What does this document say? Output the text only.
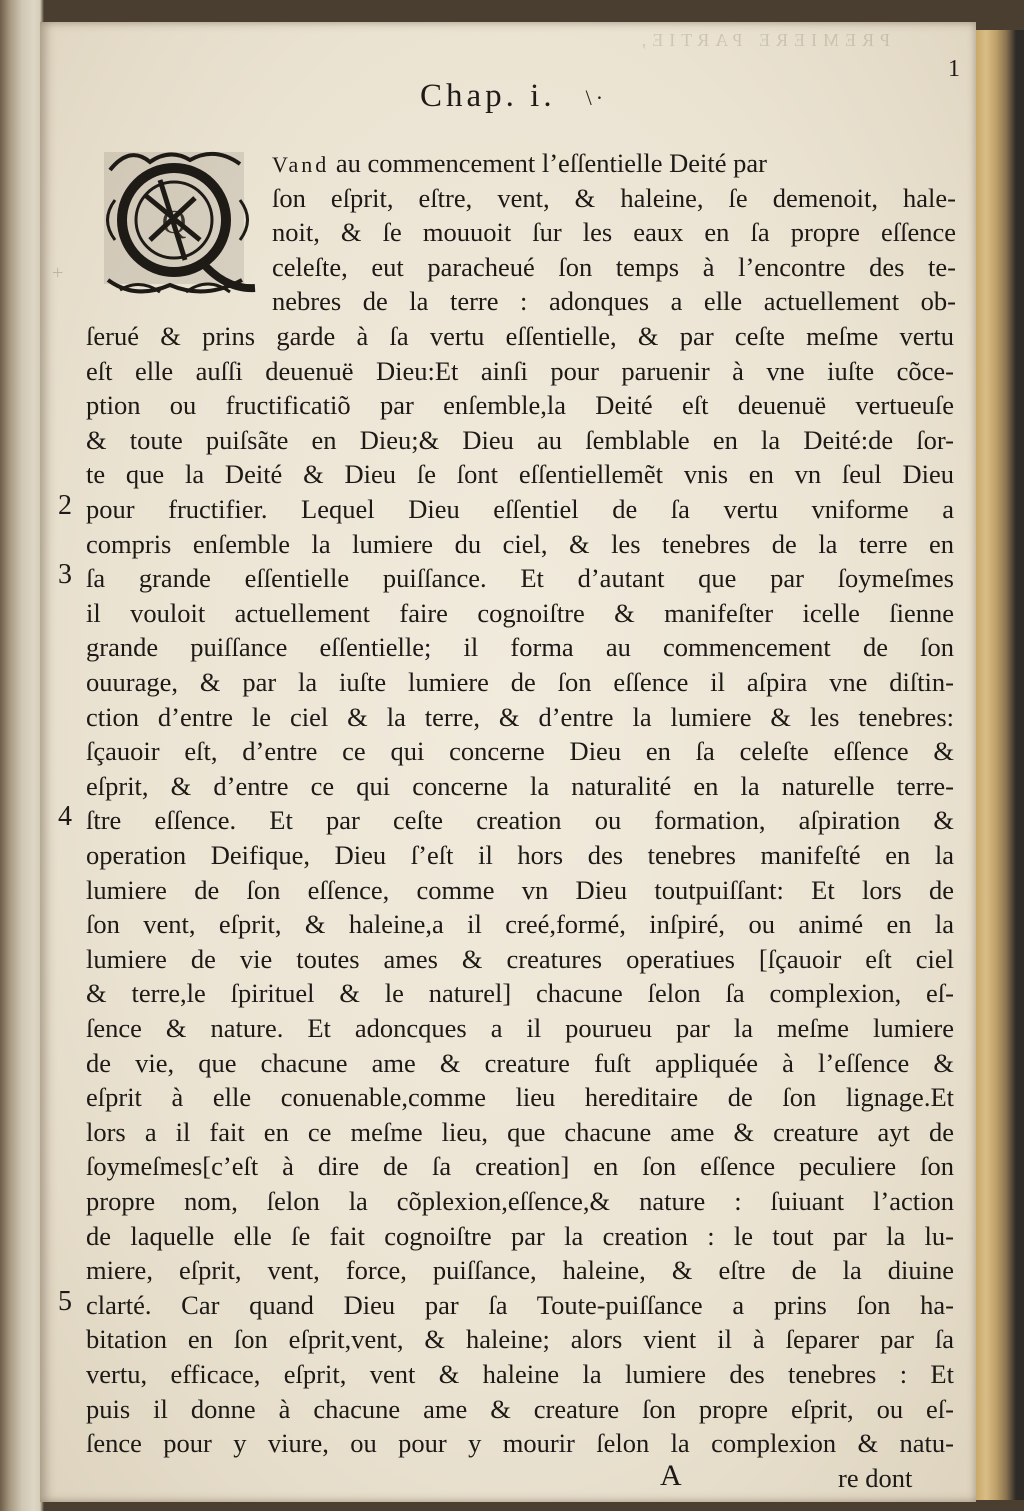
PREMIERE PARTIE,
1
Chap. i. \·
Q
+
2
3
4
5
Vand au commencement l’eſſentielle Deité par
ſon eſprit, eſtre, vent, & haleine, ſe demenoit, hale-
noit, & ſe mouuoit ſur les eaux en ſa propre eſſence
celeſte, eut paracheué ſon temps à l’encontre des te-
nebres de la terre : adonques a elle actuellement ob-
ſerué & prins garde à ſa vertu eſſentielle, & par ceſte meſme vertu
eſt elle auſſi deuenuë Dieu:Et ainſi pour paruenir à vne iuſte cõce-
ption ou fructificatiõ par enſemble,la Deité eſt deuenuë vertueuſe
& toute puiſsãte en Dieu;& Dieu au ſemblable en la Deité:de ſor-
te que la Deité & Dieu ſe ſont eſſentiellemẽt vnis en vn ſeul Dieu
pour fructifier. Lequel Dieu eſſentiel de ſa vertu vniforme a
compris enſemble la lumiere du ciel, & les tenebres de la terre en
ſa grande eſſentielle puiſſance. Et d’autant que par ſoymeſmes
il vouloit actuellement faire cognoiſtre & manifeſter icelle ſienne
grande puiſſance eſſentielle; il forma au commencement de ſon
ouurage, & par la iuſte lumiere de ſon eſſence il aſpira vne diſtin-
ction d’entre le ciel & la terre, & d’entre la lumiere & les tenebres:
ſçauoir eſt, d’entre ce qui concerne Dieu en ſa celeſte eſſence &
eſprit, & d’entre ce qui concerne la naturalité en la naturelle terre-
ſtre eſſence. Et par ceſte creation ou formation, aſpiration &
operation Deifique, Dieu ſ’eſt il hors des tenebres manifeſté en la
lumiere de ſon eſſence, comme vn Dieu toutpuiſſant: Et lors de
ſon vent, eſprit, & haleine,a il creé,formé, inſpiré, ou animé en la
lumiere de vie toutes ames & creatures operatiues [ſçauoir eſt ciel
& terre,le ſpirituel & le naturel] chacune ſelon ſa complexion, eſ-
ſence & nature. Et adoncques a il pourueu par la meſme lumiere
de vie, que chacune ame & creature fuſt appliquée à l’eſſence &
eſprit à elle conuenable,comme lieu hereditaire de ſon lignage.Et
lors a il fait en ce meſme lieu, que chacune ame & creature ayt de
ſoymeſmes[c’eſt à dire de ſa creation] en ſon eſſence peculiere ſon
propre nom, ſelon la cõplexion,eſſence,& nature : ſuiuant l’action
de laquelle elle ſe fait cognoiſtre par la creation : le tout par la lu-
miere, eſprit, vent, force, puiſſance, haleine, & eſtre de la diuine
clarté. Car quand Dieu par ſa Toute-puiſſance a prins ſon ha-
bitation en ſon eſprit,vent, & haleine; alors vient il à ſeparer par ſa
vertu, efficace, eſprit, vent & haleine la lumiere des tenebres : Et
puis il donne à chacune ame & creature ſon propre eſprit, ou eſ-
ſence pour y viure, ou pour y mourir ſelon la complexion & natu-
A	re dont
